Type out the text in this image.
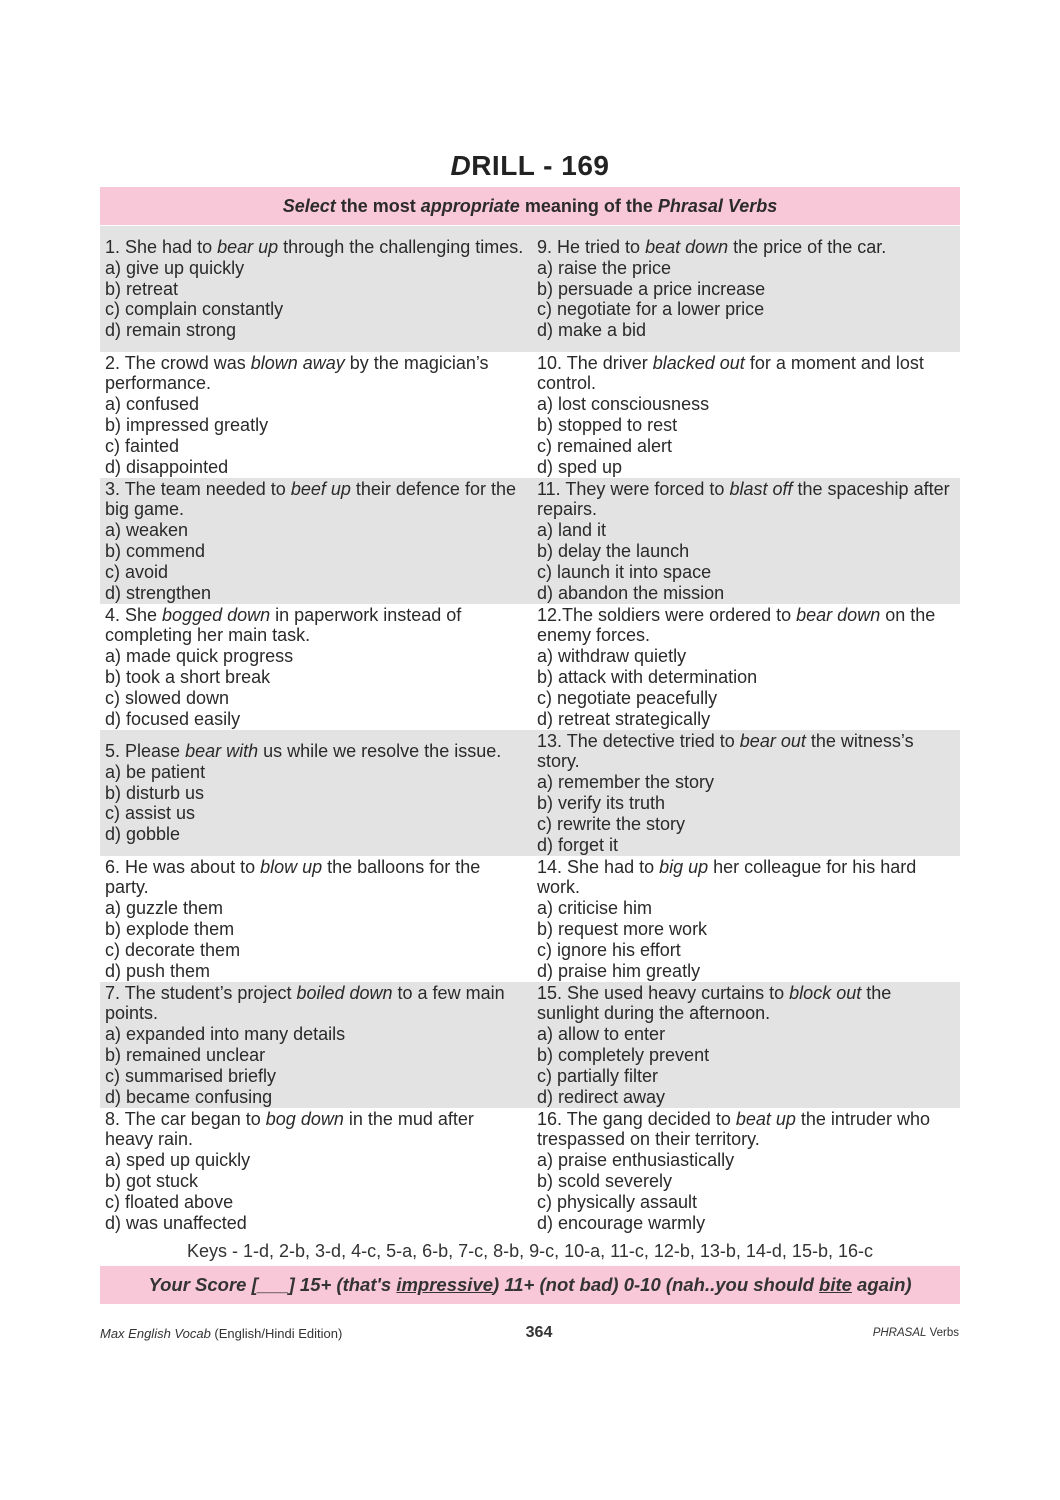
DRILL - 169
Select the most appropriate meaning of the Phrasal Verbs

1. She had to bear up through the challenging times.

a) give up quickly

b) retreat

c) complain constantly

d) remain strong

9. He tried to beat down the price of the car.

a) raise the price

b) persuade a price increase

c) negotiate for a lower price

d) make a bid

2. The crowd was blown away by the magician’s performance.

a) confused

b) impressed greatly

c) fainted

d) disappointed

10. The driver blacked out for a moment and lost control.

a) lost consciousness

b) stopped to rest

c) remained alert

d) sped up

3. The team needed to beef up their defence for the big game.

a) weaken

b) commend

c) avoid

d) strengthen

11. They were forced to blast off the spaceship after repairs.

a) land it

b) delay the launch

c) launch it into space

d) abandon the mission

4. She bogged down in paperwork instead of completing her main task.

a) made quick progress

b) took a short break

c) slowed down

d) focused easily

12.The soldiers were ordered to bear down on the enemy forces.

a) withdraw quietly

b) attack with determination

c) negotiate peacefully

d) retreat strategically

5. Please bear with us while we resolve the issue.

a) be patient

b) disturb us

c) assist us

d) gobble

13. The detective tried to bear out the witness’s story.

a) remember the story

b) verify its truth

c) rewrite the story

d) forget it

6. He was about to blow up the balloons for the party.

a) guzzle them

b) explode them

c) decorate them

d) push them

14. She had to big up her colleague for his hard work.

a) criticise him

b) request more work

c) ignore his effort

d) praise him greatly

7. The student’s project boiled down to a few main points.

a) expanded into many details

b) remained unclear

c) summarised briefly

d) became confusing

15. She used heavy curtains to block out the sunlight during the afternoon.

a) allow to enter

b) completely prevent

c) partially filter

d) redirect away

8. The car began to bog down in the mud after heavy rain.

a) sped up quickly

b) got stuck

c) floated above

d) was unaffected

16. The gang decided to beat up the intruder who trespassed on their territory.

a) praise enthusiastically

b) scold severely

c) physically assault

d) encourage warmly

Keys - 1-d, 2-b, 3-d, 4-c, 5-a, 6-b, 7-c, 8-b, 9-c, 10-a, 11-c, 12-b, 13-b, 14-d, 15-b, 16-c
Your Score [___] 15+ (that's impressive) 11+ (not bad) 0-10 (nah..you should bite again)
Max English Vocab (English/Hindi Edition)	364	PHRASAL Verbs
